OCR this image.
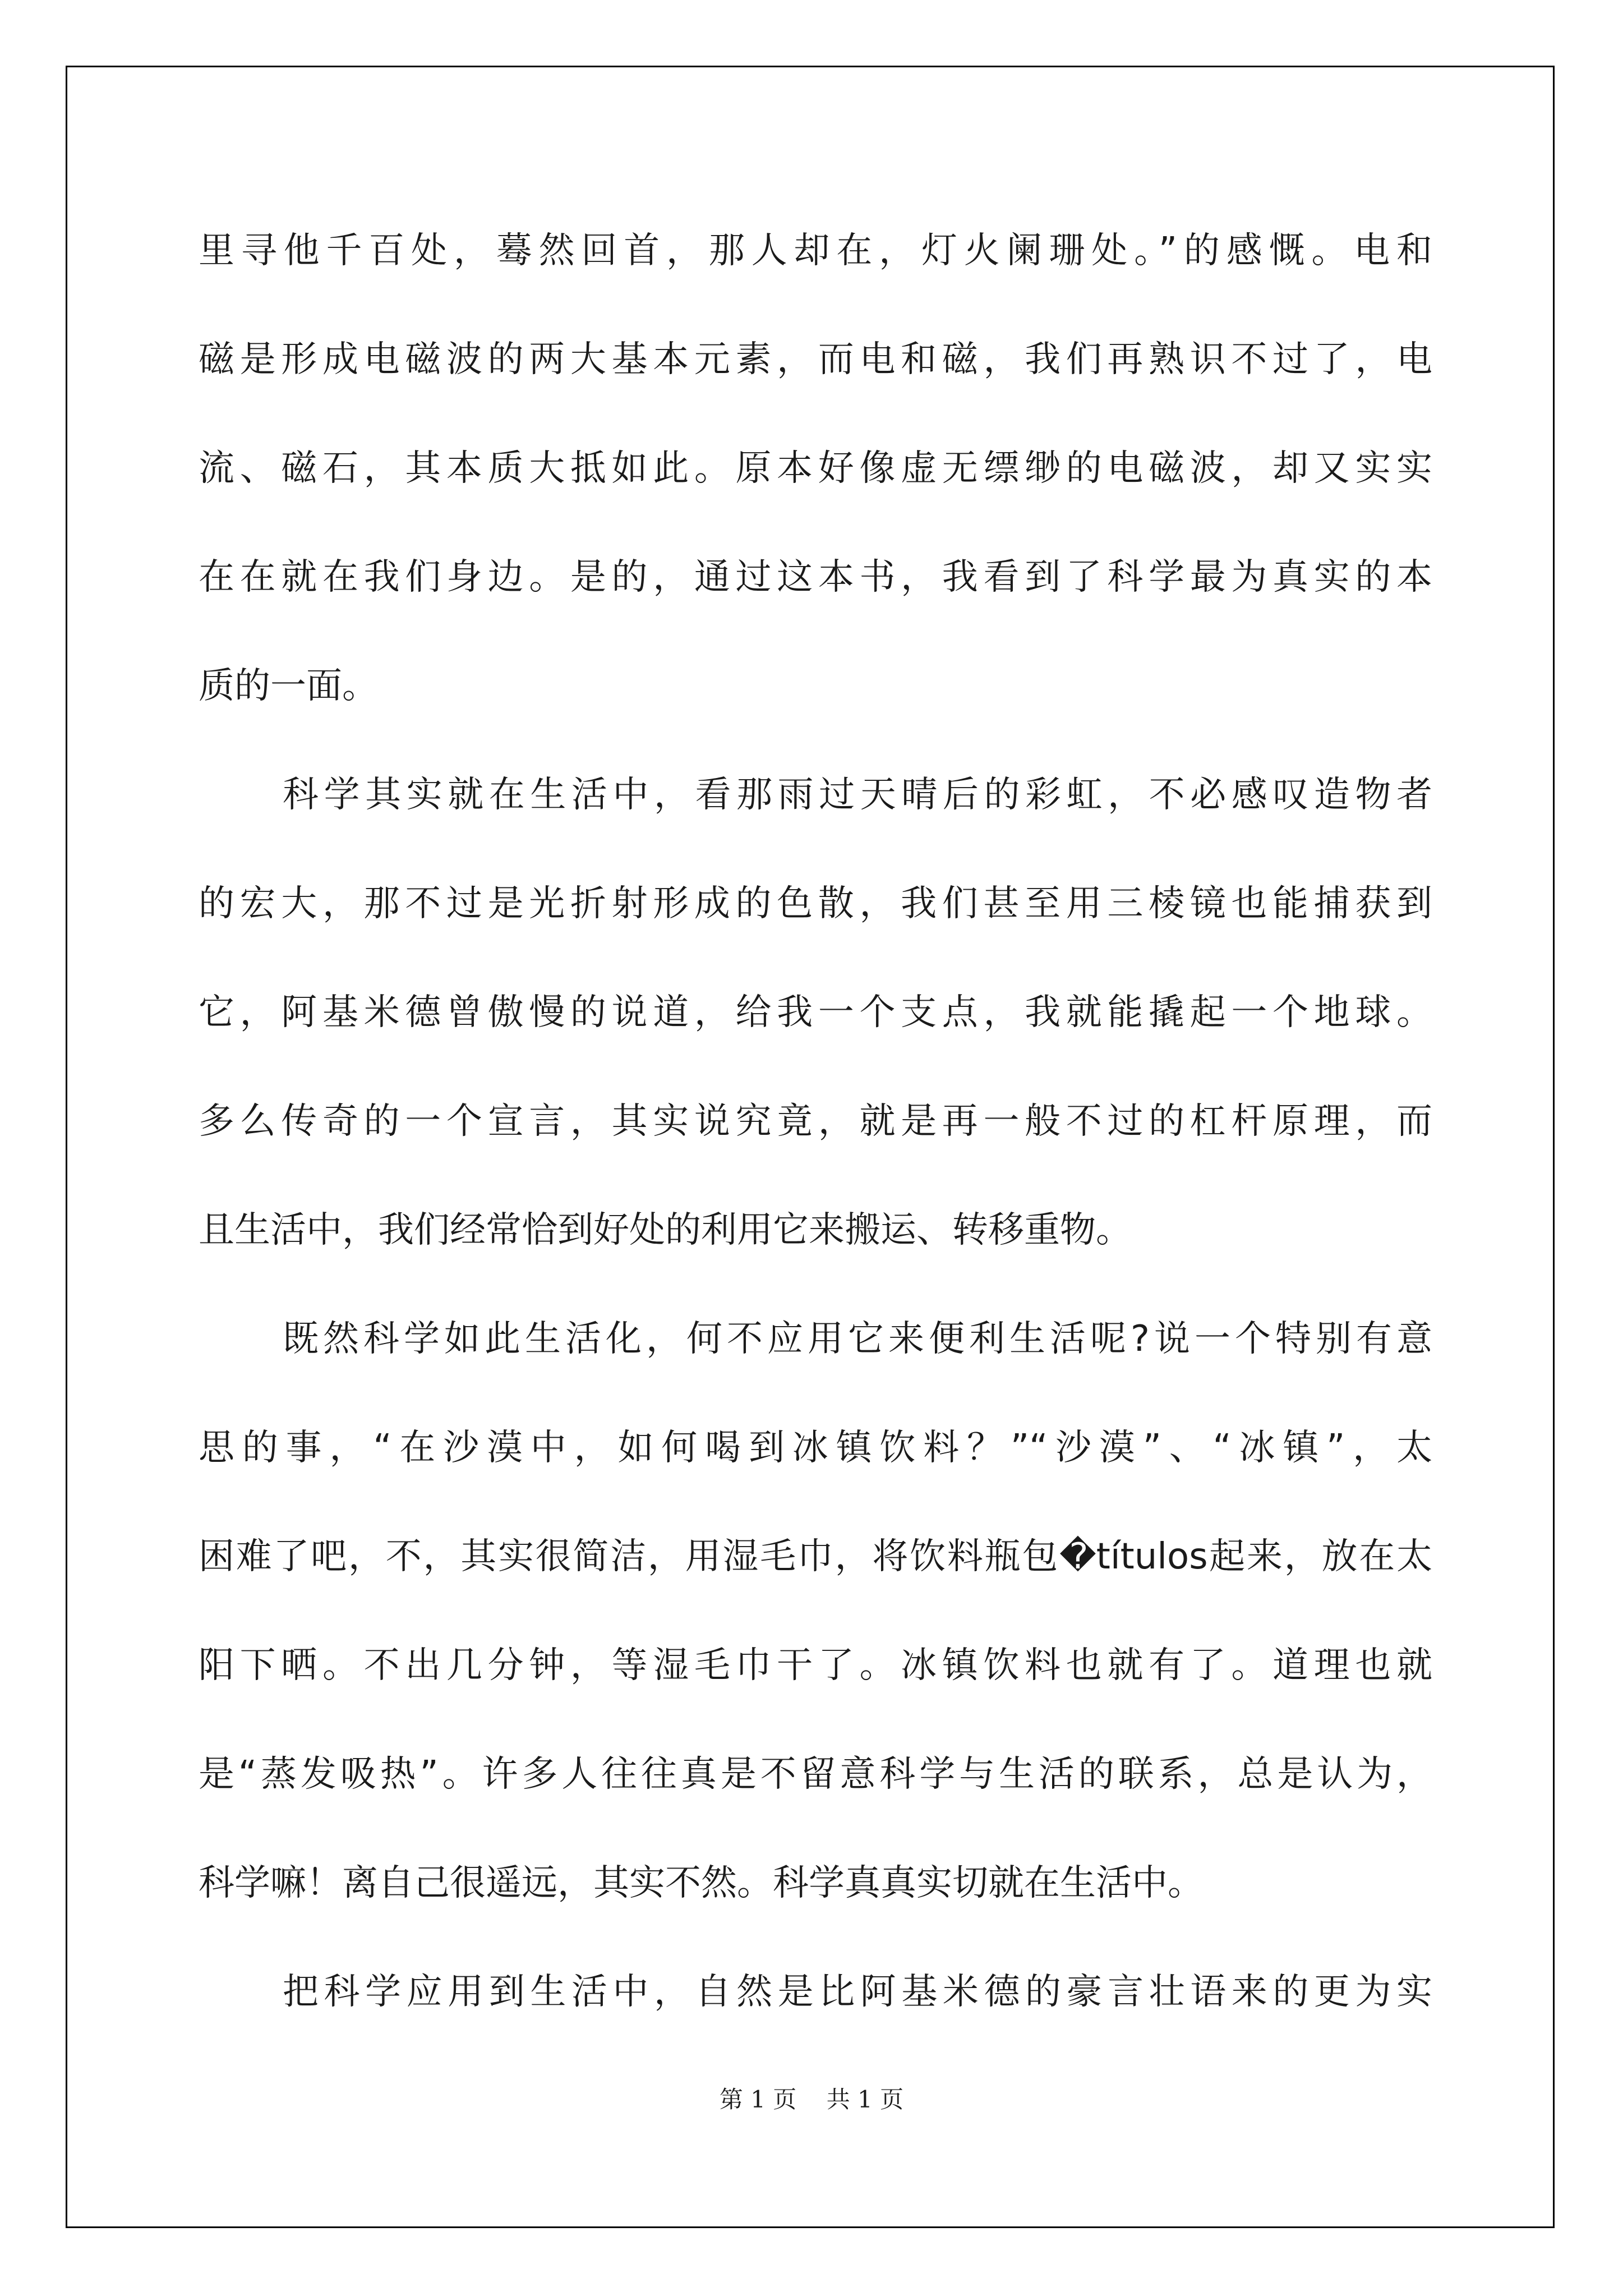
里寻他千百处，蓦然回首，那人却在，灯火阑珊处。”的感慨。电和
磁是形成电磁波的两大基本元素，而电和磁，我们再熟识不过了，电
流、磁石，其本质大抵如此。原本好像虚无缥缈的电磁波，却又实实
在在就在我们身边。是的，通过这本书，我看到了科学最为真实的本
质的一面。

科学其实就在生活中，看那雨过天晴后的彩虹，不必感叹造物者
的宏大，那不过是光折射形成的色散，我们甚至用三棱镜也能捕获到
它，阿基米德曾傲慢的说道，给我一个支点，我就能撬起一个地球。
多么传奇的一个宣言，其实说究竟，就是再一般不过的杠杆原理，而
且生活中，我们经常恰到好处的利用它来搬运、转移重物。

既然科学如此生活化，何不应用它来便利生活呢?说一个特别有意
思的事，“在沙漠中，如何喝到冰镇饮料？”“沙漠”、“冰镇”，太
困难了吧，不，其实很简洁，用湿毛巾，将饮料瓶包�títulos起来，放在太
阳下晒。不出几分钟，等湿毛巾干了。冰镇饮料也就有了。道理也就
是“蒸发吸热”。许多人往往真是不留意科学与生活的联系，总是认为，
科学嘛！离自己很遥远，其实不然。科学真真实切就在生活中。

把科学应用到生活中，自然是比阿基米德的豪言壮语来的更为实

第 1 页    共 1 页
